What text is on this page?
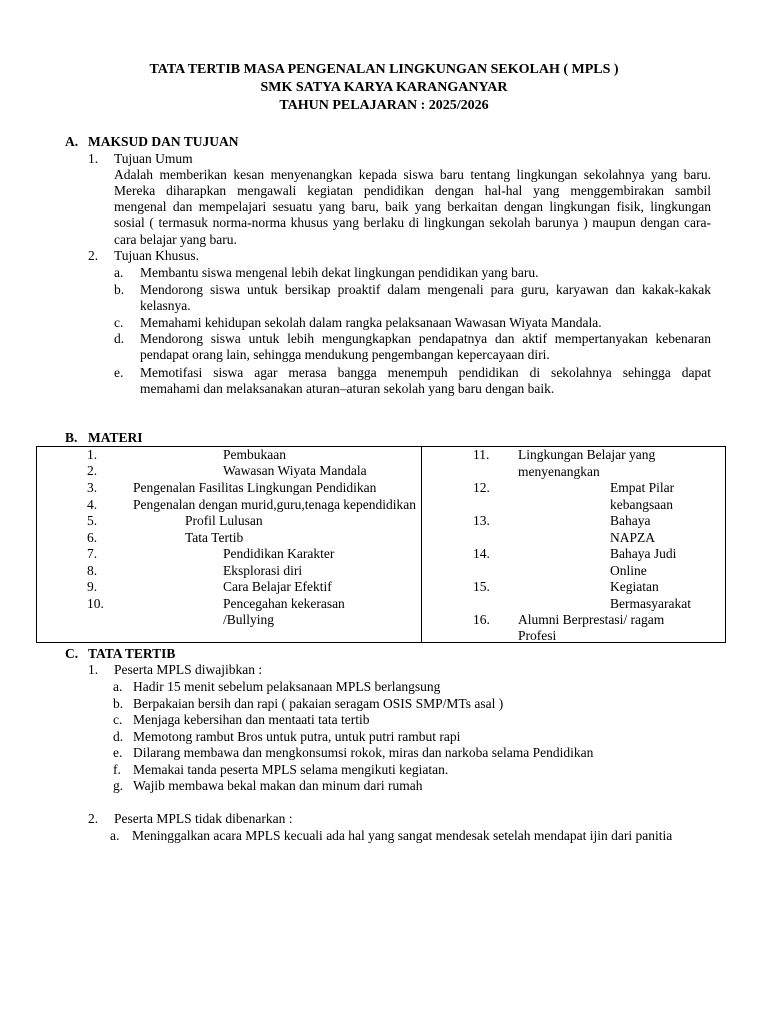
TATA TERTIB MASA PENGENALAN LINGKUNGAN SEKOLAH ( MPLS )
SMK SATYA KARYA KARANGANYAR
TAHUN PELAJARAN : 2025/2026
A. MAKSUD DAN TUJUAN
1. Tujuan Umum
Adalah memberikan kesan menyenangkan kepada siswa baru tentang lingkungan sekolahnya yang baru.
Mereka diharapkan mengawali kegiatan pendidikan dengan hal-hal yang menggembirakan sambil
mengenal dan mempelajari sesuatu yang baru, baik yang berkaitan dengan lingkungan fisik, lingkungan
sosial ( termasuk norma-norma khusus yang berlaku di lingkungan sekolah barunya ) maupun dengan cara-
cara belajar yang baru.
2. Tujuan Khusus.
a. Membantu siswa mengenal lebih dekat lingkungan pendidikan yang baru.
b. Mendorong siswa untuk bersikap proaktif dalam mengenali para guru, karyawan dan kakak-kakak
kelasnya.
c. Memahami kehidupan sekolah dalam rangka pelaksanaan Wawasan Wiyata Mandala.
d. Mendorong siswa untuk lebih mengungkapkan pendapatnya dan aktif mempertanyakan kebenaran
pendapat orang lain, sehingga mendukung pengembangan kepercayaan diri.
e. Memotifasi siswa agar merasa bangga menempuh pendidikan di sekolahnya sehingga dapat
memahami dan melaksanakan aturan–aturan sekolah yang baru dengan baik.
B. MATERI
1.	Pembukaan
2.	Wawasan Wiyata Mandala
3.	Pengenalan Fasilitas Lingkungan Pendidikan
4.	Pengenalan dengan murid,guru,tenaga kependidikan
5.	Profil Lulusan
6.	Tata Tertib
7.	Pendidikan Karakter
8.	Eksplorasi diri
9.	Cara Belajar Efektif
10.	Pencegahan kekerasan
/Bullying
11. Lingkungan Belajar yang
menyenangkan
12.	Empat Pilar
kebangsaan
13.	Bahaya
NAPZA
14.	Bahaya Judi
Online
15.	Kegiatan
Bermasyarakat
16. Alumni Berprestasi/ ragam
Profesi
C. TATA TERTIB
1. Peserta MPLS diwajibkan :
a. Hadir 15 menit sebelum pelaksanaan MPLS berlangsung
b. Berpakaian bersih dan rapi ( pakaian seragam OSIS SMP/MTs asal )
c. Menjaga kebersihan dan mentaati tata tertib
d. Memotong rambut Bros untuk putra, untuk putri rambut rapi
e. Dilarang membawa dan mengkonsumsi rokok, miras dan narkoba selama Pendidikan
f. Memakai tanda peserta MPLS selama mengikuti kegiatan.
g. Wajib membawa bekal makan dan minum dari rumah
2. Peserta MPLS tidak dibenarkan :
a. Meninggalkan acara MPLS kecuali ada hal yang sangat mendesak setelah mendapat ijin dari panitia
